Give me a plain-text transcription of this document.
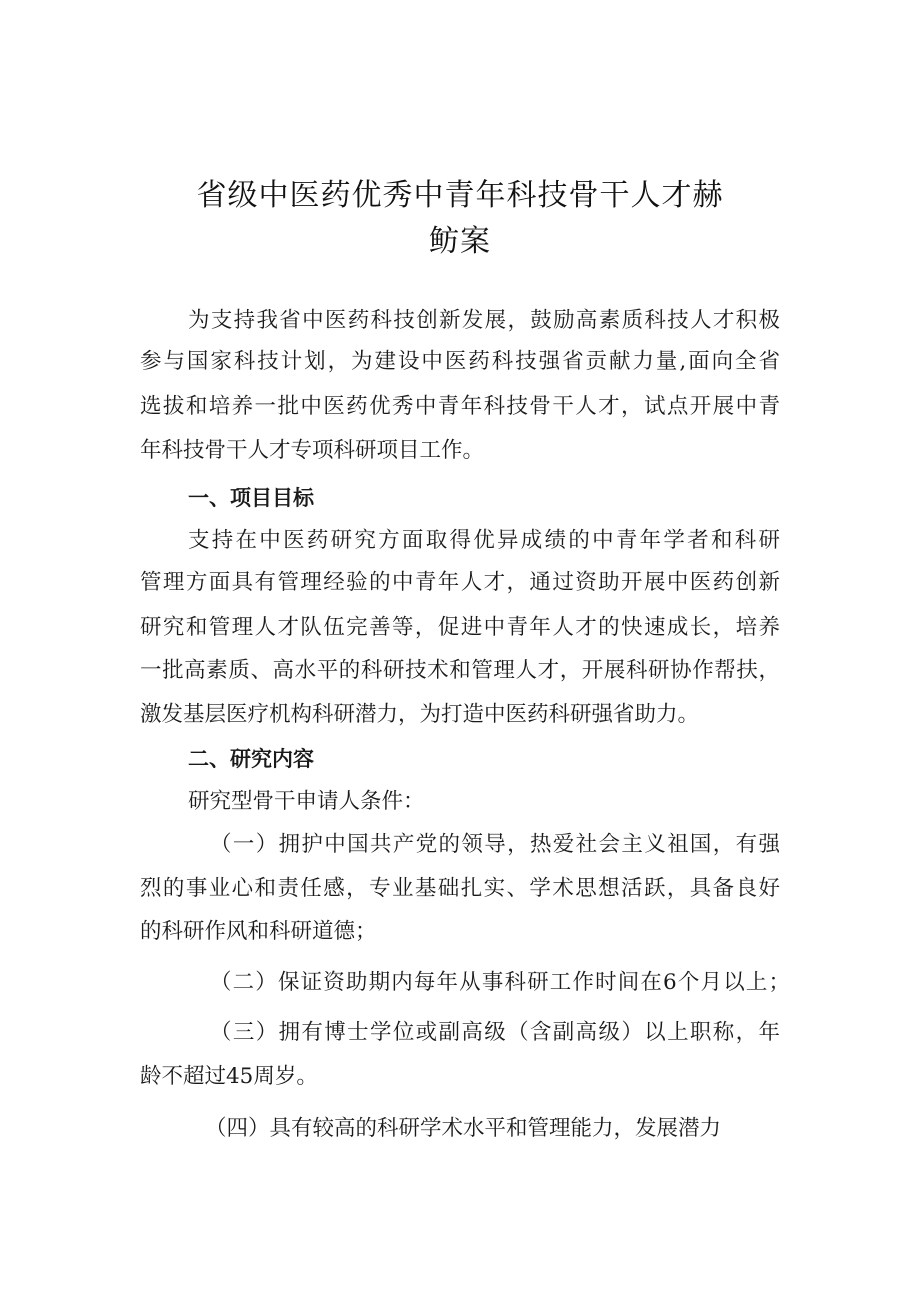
省级中医药优秀中青年科技骨干人才赫
鲂案
为支持我省中医药科技创新发展，鼓励高素质科技人才积极
参与国家科技计划，为建设中医药科技强省贡献力量,面向全省
选拔和培养一批中医药优秀中青年科技骨干人才，试点开展中青
年科技骨干人才专项科研项目工作。
一、项目目标
支持在中医药研究方面取得优异成绩的中青年学者和科研
管理方面具有管理经验的中青年人才，通过资助开展中医药创新
研究和管理人才队伍完善等，促进中青年人才的快速成长，培养
一批高素质、高水平的科研技术和管理人才，开展科研协作帮扶，
激发基层医疗机构科研潜力，为打造中医药科研强省助力。
二、研究内容
研究型骨干申请人条件：
（一）拥护中国共产党的领导，热爱社会主义祖国，有强
烈的事业心和责任感，专业基础扎实、学术思想活跃，具备良好
的科研作风和科研道德；
（二）保证资助期内每年从事科研工作时间在6个月以上；
（三）拥有博士学位或副高级（含副高级）以上职称，年
龄不超过45周岁。
（四）具有较高的科研学术水平和管理能力，发展潜力
